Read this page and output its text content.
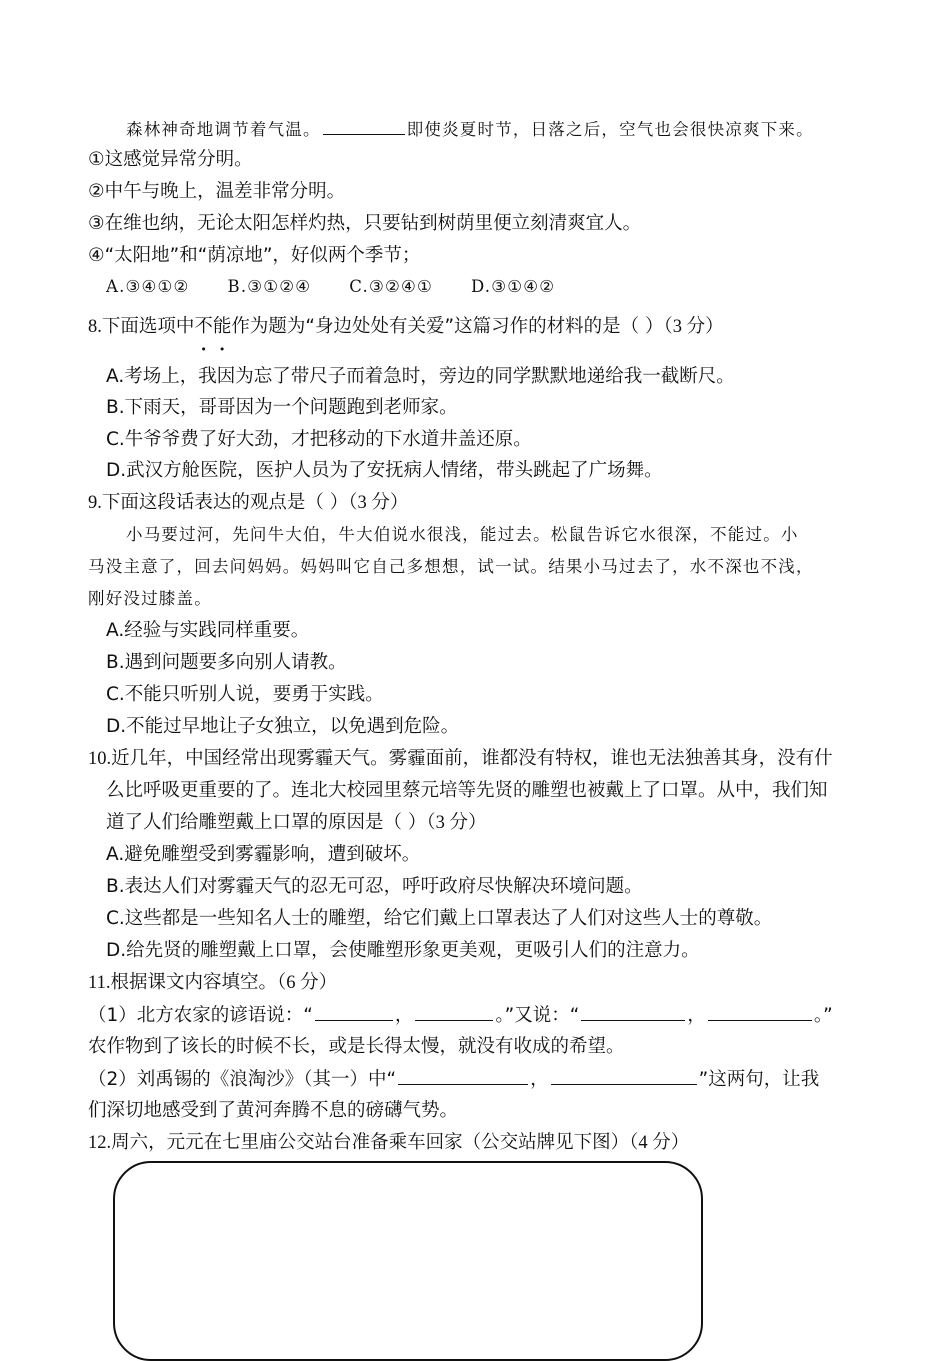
森林神奇地调节着气温。	即使炎夏时节，日落之后，空气也会很快凉爽下来。
①这感觉异常分明。
②中午与晚上，温差非常分明。
③在维也纳，无论太阳怎样灼热，只要钻到树荫里便立刻清爽宜人。
④“太阳地”和“荫凉地”，好似两个季节；
A.③④①② B.③①②④ C.③②④① D.③①④②
8.下面选项中不能作为题为“身边处处有关爱”这篇习作的材料的是（ ）（3 分）
A.考场上，我因为忘了带尺子而着急时，旁边的同学默默地递给我一截断尺。
B.下雨天，哥哥因为一个问题跑到老师家。
C.牛爷爷费了好大劲，才把移动的下水道井盖还原。
D.武汉方舱医院，医护人员为了安抚病人情绪，带头跳起了广场舞。
9.下面这段话表达的观点是（ ）（3 分）
小马要过河，先问牛大伯，牛大伯说水很浅，能过去。松鼠告诉它水很深，不能过。小
马没主意了，回去问妈妈。妈妈叫它自己多想想，试一试。结果小马过去了，水不深也不浅，
刚好没过膝盖。
A.经验与实践同样重要。
B.遇到问题要多向别人请教。
C.不能只听别人说，要勇于实践。
D.不能过早地让子女独立，以免遇到危险。
10.近几年，中国经常出现雾霾天气。雾霾面前，谁都没有特权，谁也无法独善其身，没有什
么比呼吸更重要的了。连北大校园里蔡元培等先贤的雕塑也被戴上了口罩。从中，我们知
道了人们给雕塑戴上口罩的原因是（ ）（3 分）
A.避免雕塑受到雾霾影响，遭到破坏。
B.表达人们对雾霾天气的忍无可忍，呼吁政府尽快解决环境问题。
C.这些都是一些知名人士的雕塑，给它们戴上口罩表达了人们对这些人士的尊敬。
D.给先贤的雕塑戴上口罩，会使雕塑形象更美观，更吸引人们的注意力。
11.根据课文内容填空。（6 分）
（1）北方农家的谚语说：“	，	。”又说：“	，	。”
农作物到了该长的时候不长，或是长得太慢，就没有收成的希望。
（2）刘禹锡的《浪淘沙》（其一）中“	，	”这两句，让我
们深切地感受到了黄河奔腾不息的磅礴气势。
12.周六，元元在七里庙公交站台准备乘车回家（公交站牌见下图）（4 分）
